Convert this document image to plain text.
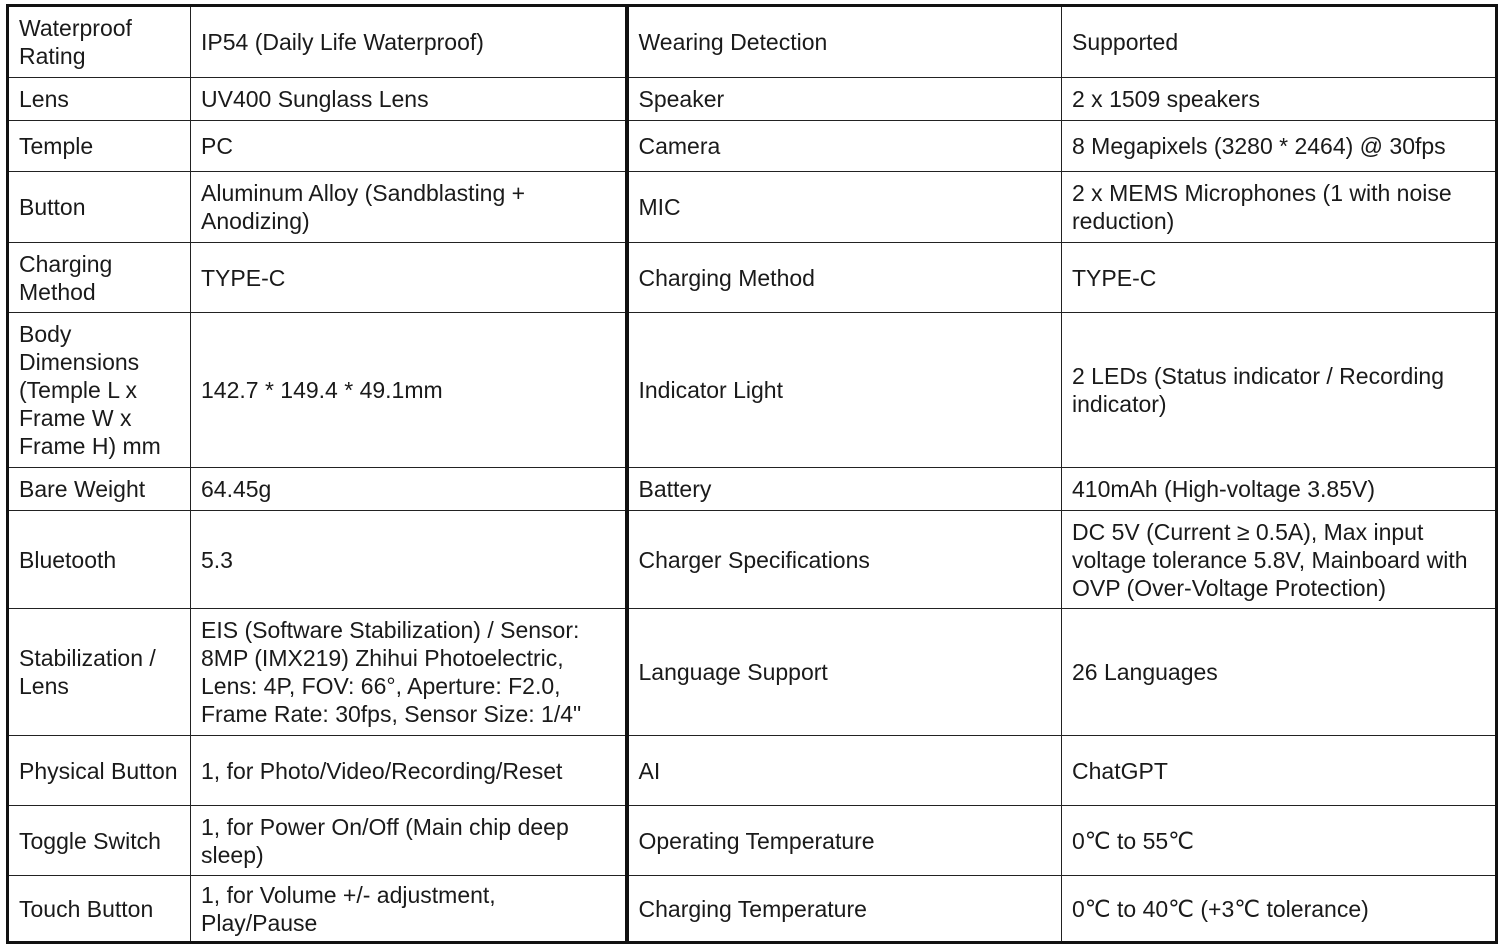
Waterproof Rating	IP54 (Daily Life Waterproof)	Wearing Detection	Supported
Lens	UV400 Sunglass Lens	Speaker	2 x 1509 speakers
Temple	PC	Camera	8 Megapixels (3280 * 2464) @ 30fps
Button	Aluminum Alloy (Sandblasting + Anodizing)	MIC	2 x MEMS Microphones (1 with noise reduction)
Charging Method	TYPE-C	Charging Method	TYPE-C
Body Dimensions (Temple L x Frame W x Frame H) mm	142.7 * 149.4 * 49.1mm	Indicator Light	2 LEDs (Status indicator / Recording indicator)
Bare Weight	64.45g	Battery	410mAh (High-voltage 3.85V)
Bluetooth	5.3	Charger Specifications	DC 5V (Current ≥ 0.5A), Max input voltage tolerance 5.8V, Mainboard with OVP (Over-Voltage Protection)
Stabilization / Lens	EIS (Software Stabilization) / Sensor: 8MP (IMX219) Zhihui Photoelectric, Lens: 4P, FOV: 66°, Aperture: F2.0, Frame Rate: 30fps, Sensor Size: 1/4"	Language Support	26 Languages
Physical Button	1, for Photo/Video/Recording/Reset	AI	ChatGPT
Toggle Switch	1, for Power On/Off (Main chip deep sleep)	Operating Temperature	0℃ to 55℃
Touch Button	1, for Volume +/- adjustment, Play/Pause	Charging Temperature	0℃ to 40℃ (+3℃ tolerance)
